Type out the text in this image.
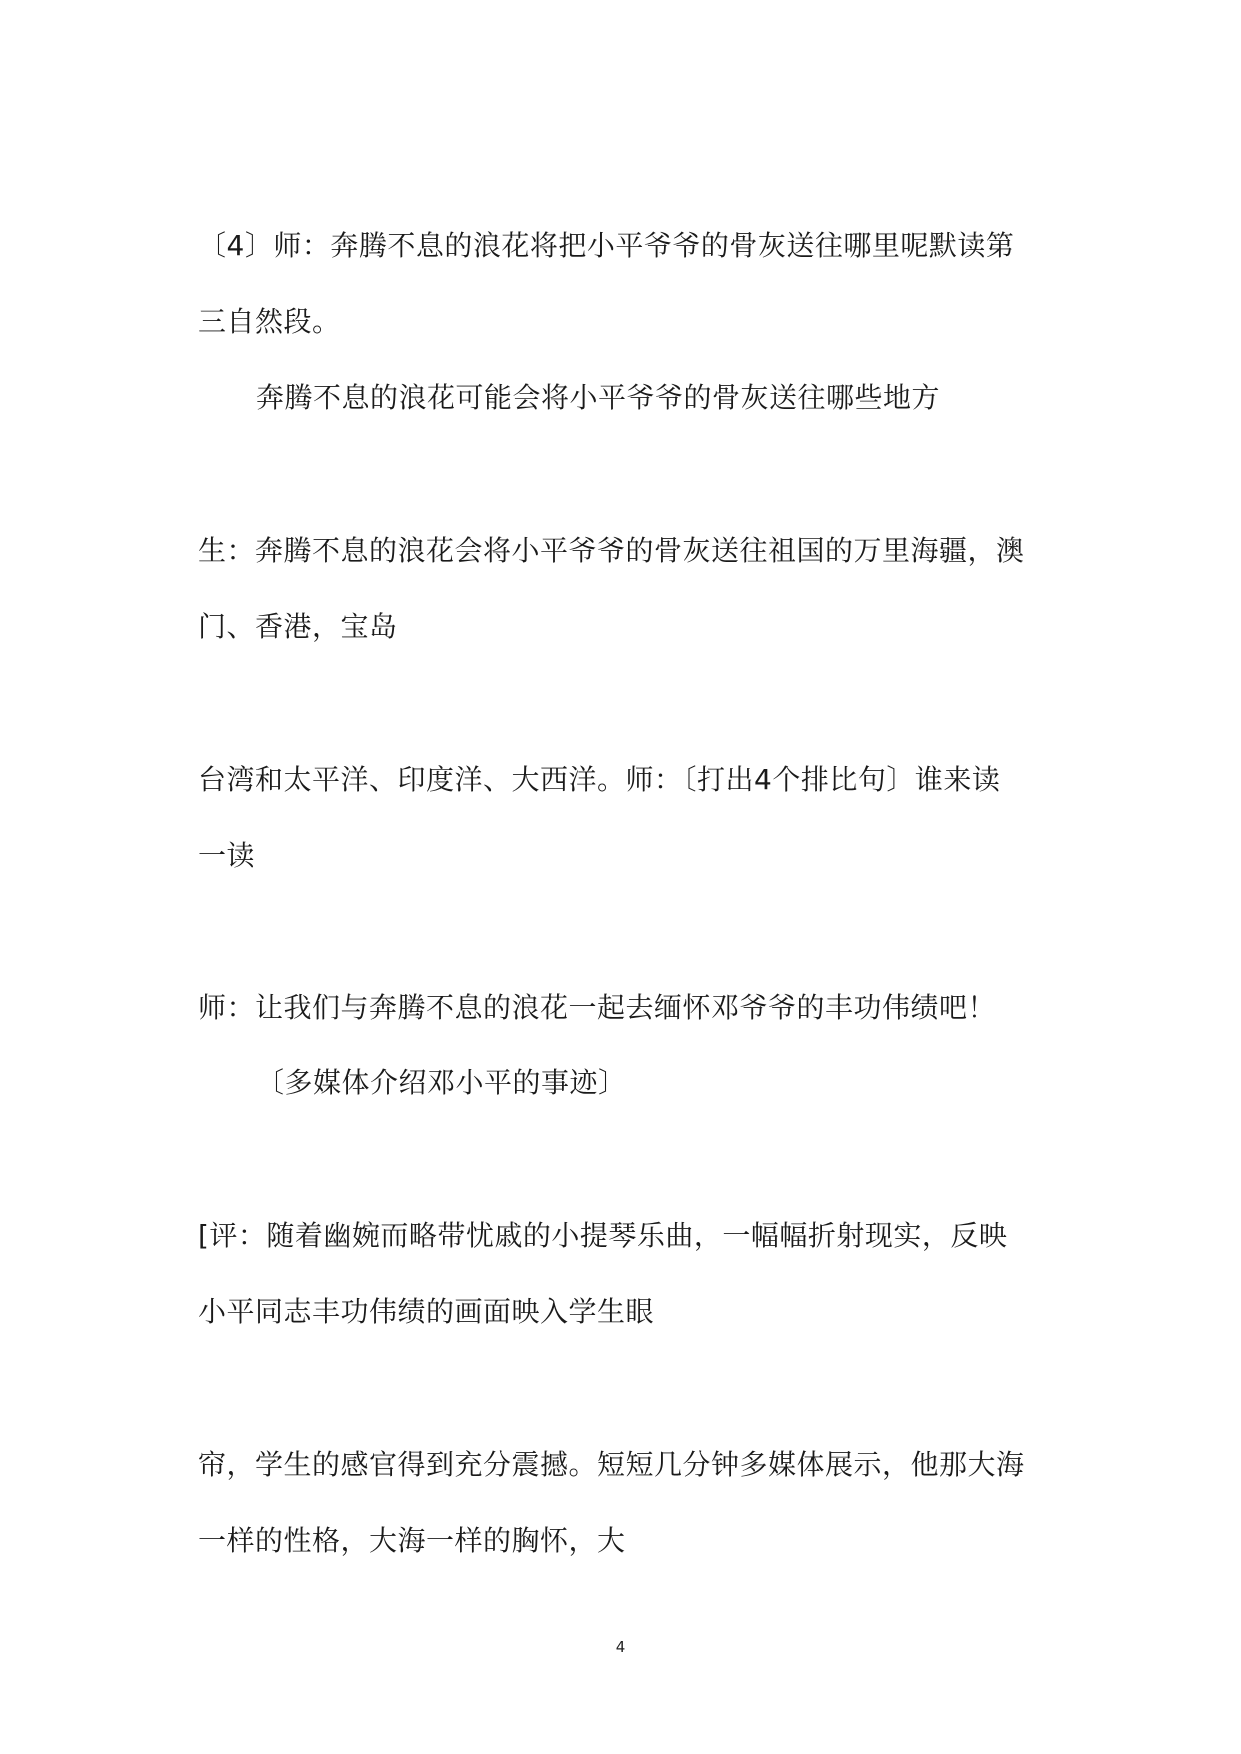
〔4〕师：奔腾不息的浪花将把小平爷爷的骨灰送往哪里呢默读第
三自然段。
奔腾不息的浪花可能会将小平爷爷的骨灰送往哪些地方
生：奔腾不息的浪花会将小平爷爷的骨灰送往祖国的万里海疆，澳
门、香港，宝岛
台湾和太平洋、印度洋、大西洋。师：〔打出4个排比句〕谁来读
一读
师：让我们与奔腾不息的浪花一起去缅怀邓爷爷的丰功伟绩吧！
〔多媒体介绍邓小平的事迹〕
[评：随着幽婉而略带忧戚的小提琴乐曲，一幅幅折射现实，反映
小平同志丰功伟绩的画面映入学生眼
帘，学生的感官得到充分震撼。短短几分钟多媒体展示，他那大海
一样的性格，大海一样的胸怀，大
4
